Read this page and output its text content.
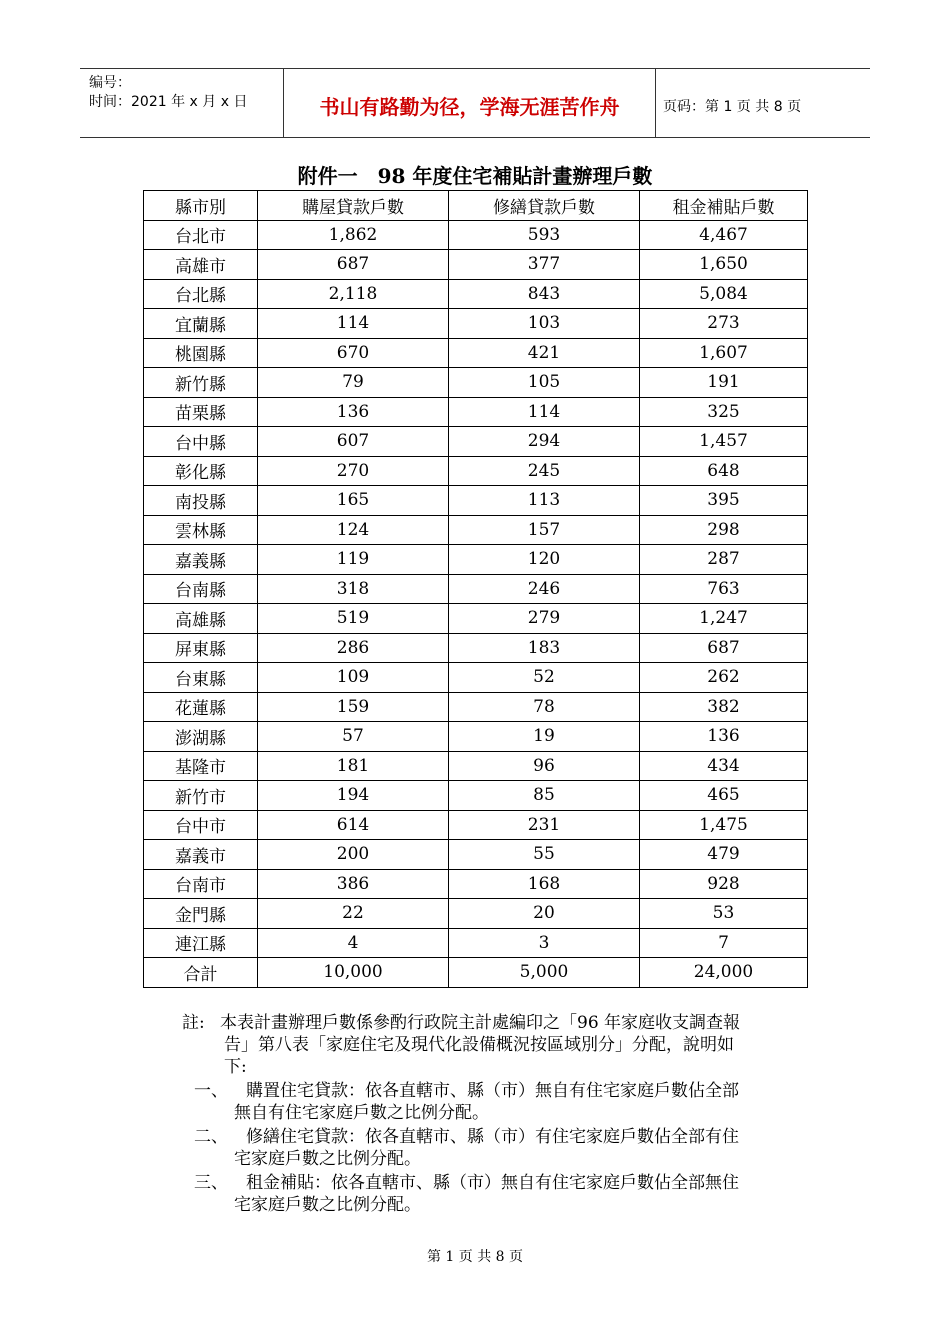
编号：
时间：2021 年 x 月 x 日	书山有路勤为径，学海无涯苦作舟	页码：第 1 页 共 8 页
附件一　98 年度住宅補貼計畫辦理戶數
縣市別	購屋貸款戶數	修繕貸款戶數	租金補貼戶數
台北市	1,862	593	4,467
高雄市	687	377	1,650
台北縣	2,118	843	5,084
宜蘭縣	114	103	273
桃園縣	670	421	1,607
新竹縣	79	105	191
苗栗縣	136	114	325
台中縣	607	294	1,457
彰化縣	270	245	648
南投縣	165	113	395
雲林縣	124	157	298
嘉義縣	119	120	287
台南縣	318	246	763
高雄縣	519	279	1,247
屏東縣	286	183	687
台東縣	109	52	262
花蓮縣	159	78	382
澎湖縣	57	19	136
基隆市	181	96	434
新竹市	194	85	465
台中市	614	231	1,475
嘉義市	200	55	479
台南市	386	168	928
金門縣	22	20	53
連江縣	4	3	7
合計	10,000	5,000	24,000
註: 本表計畫辦理戶數係參酌行政院主計處編印之「96 年家庭收支調查報
告」第八表「家庭住宅及現代化設備概況按區域別分」分配，說明如
下:
一、 購置住宅貸款：依各直轄市、縣（市）無自有住宅家庭戶數佔全部
無自有住宅家庭戶數之比例分配。
二、 修繕住宅貸款：依各直轄市、縣（市）有住宅家庭戶數佔全部有住
宅家庭戶數之比例分配。
三、 租金補貼：依各直轄市、縣（市）無自有住宅家庭戶數佔全部無住
宅家庭戶數之比例分配。
第 1 页 共 8 页
